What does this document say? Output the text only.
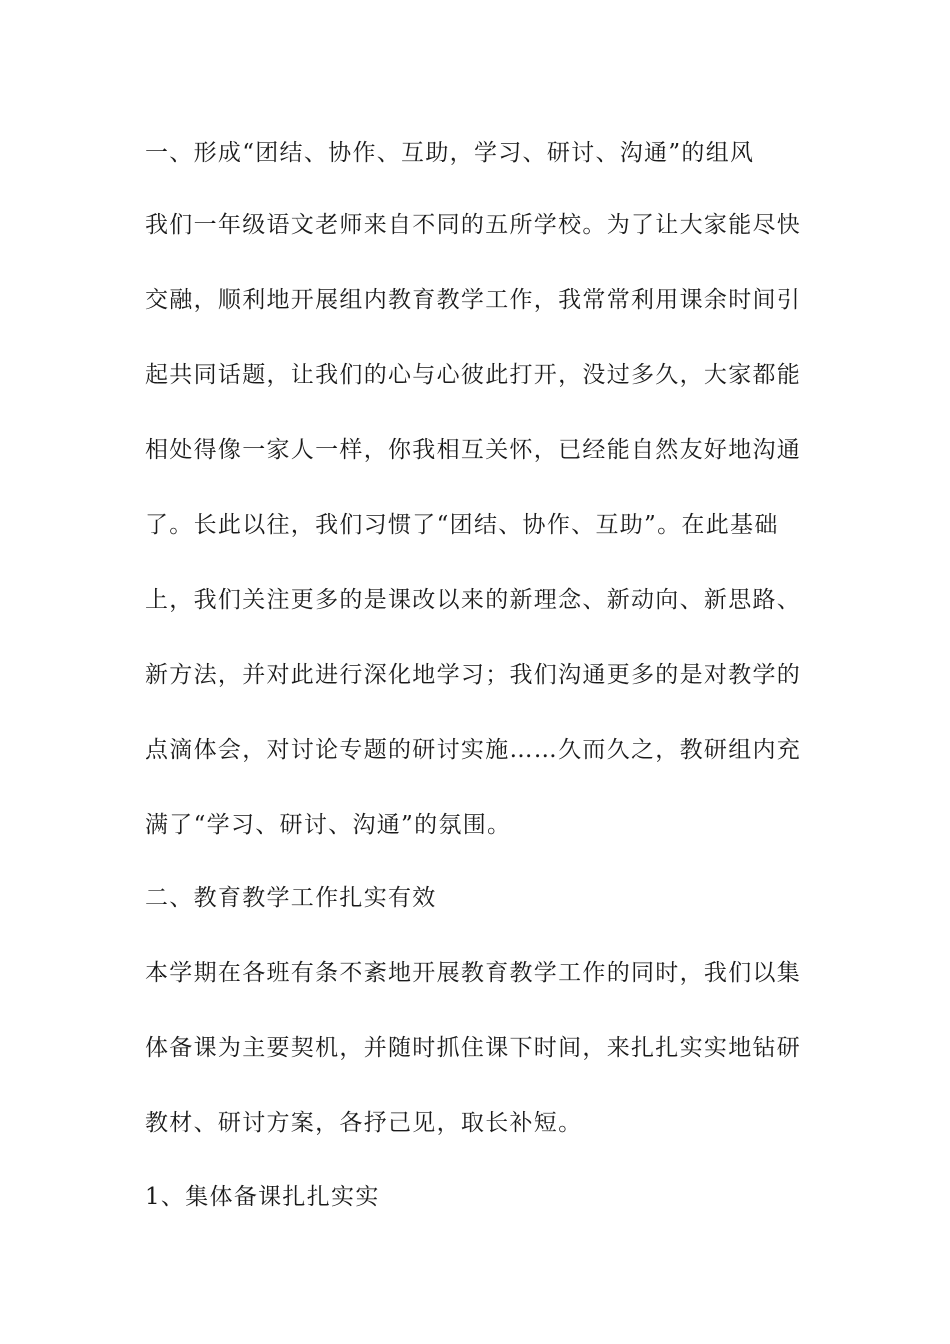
一、形成“团结、协作、互助，学习、研讨、沟通”的组风
我们一年级语文老师来自不同的五所学校。为了让大家能尽快
交融，顺利地开展组内教育教学工作，我常常利用课余时间引
起共同话题，让我们的心与心彼此打开，没过多久，大家都能
相处得像一家人一样，你我相互关怀，已经能自然友好地沟通
了。长此以往，我们习惯了“团结、协作、互助”。在此基础
上，我们关注更多的是课改以来的新理念、新动向、新思路、
新方法，并对此进行深化地学习；我们沟通更多的是对教学的
点滴体会，对讨论专题的研讨实施……久而久之，教研组内充
满了“学习、研讨、沟通”的氛围。
二、教育教学工作扎实有效
本学期在各班有条不紊地开展教育教学工作的同时，我们以集
体备课为主要契机，并随时抓住课下时间，来扎扎实实地钻研
教材、研讨方案，各抒己见，取长补短。
1、集体备课扎扎实实
